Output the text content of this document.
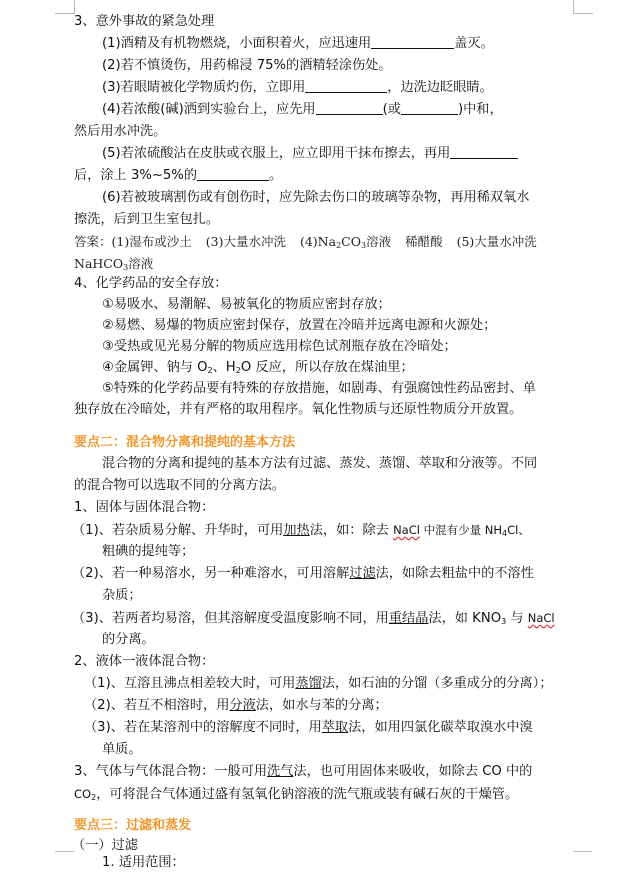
3、意外事故的紧急处理
(1)酒精及有机物燃烧，小面积着火，应迅速用	盖灭。
(2)若不慎烫伤，用药棉浸 75%的酒精轻涂伤处。
(3)若眼睛被化学物质灼伤，立即用	，边洗边眨眼睛。
(4)若浓酸(碱)洒到实验台上，应先用	(或	)中和，
然后用水冲洗。
(5)若浓硫酸沾在皮肤或衣服上，应立即用干抹布擦去，再用
后，涂上 3%~5%的	。
(6)若被玻璃割伤或有创伤时，应先除去伤口的玻璃等杂物，再用稀双氧水
擦洗，后到卫生室包扎。
答案：(1)湿布或沙土 (3)大量水冲洗 $(4)Na_2CO_3$溶液 稀醋酸 (5)大量水冲洗
NaHCO$_3$溶液
4、化学药品的安全存放：
①易吸水、易潮解、易被氧化的物质应密封存放；
②易燃、易爆的物质应密封保存，放置在冷暗并远离电源和火源处；
③受热或见光易分解的物质应选用棕色试剂瓶存放在冷暗处；
④金属钾、钠与 $O_2$、$H_2O$ 反应，所以存放在煤油里；
⑤特殊的化学药品要有特殊的存放措施，如剧毒、有强腐蚀性药品密封、单
独存放在冷暗处，并有严格的取用程序。氧化性物质与还原性物质分开放置。
要点二：混合物分离和提纯的基本方法
混合物的分离和提纯的基本方法有过滤、蒸发、蒸馏、萃取和分液等。不同
的混合物可以选取不同的分离方法。
1、固体与固体混合物：
（1)、若杂质易分解、升华时，可用加热法，如：除去 NaCl 中混有少量 $NH_4Cl$、
粗碘的提纯等；
（2)、若一种易溶水，另一种难溶水，可用溶解过滤法，如除去粗盐中的不溶性
杂质；
（3)、若两者均易溶，但其溶解度受温度影响不同，用重结晶法，如 $KNO_3$ 与 NaCl
的分离。
2、液体一液体混合物：
（1)、互溶且沸点相差较大时，可用蒸馏法，如石油的分馏（多重成分的分离）；
（2)、若互不相溶时，用分液法，如水与苯的分离；
（3)、若在某溶剂中的溶解度不同时，用萃取法，如用四氯化碳萃取溴水中溴
单质。
3、气体与气体混合物：一般可用洗气法，也可用固体来吸收，如除去 CO 中的
$CO_2$，可将混合气体通过盛有氢氧化钠溶液的洗气瓶或装有碱石灰的干燥管。
要点三：过滤和蒸发
（一）过滤
1. 适用范围：
